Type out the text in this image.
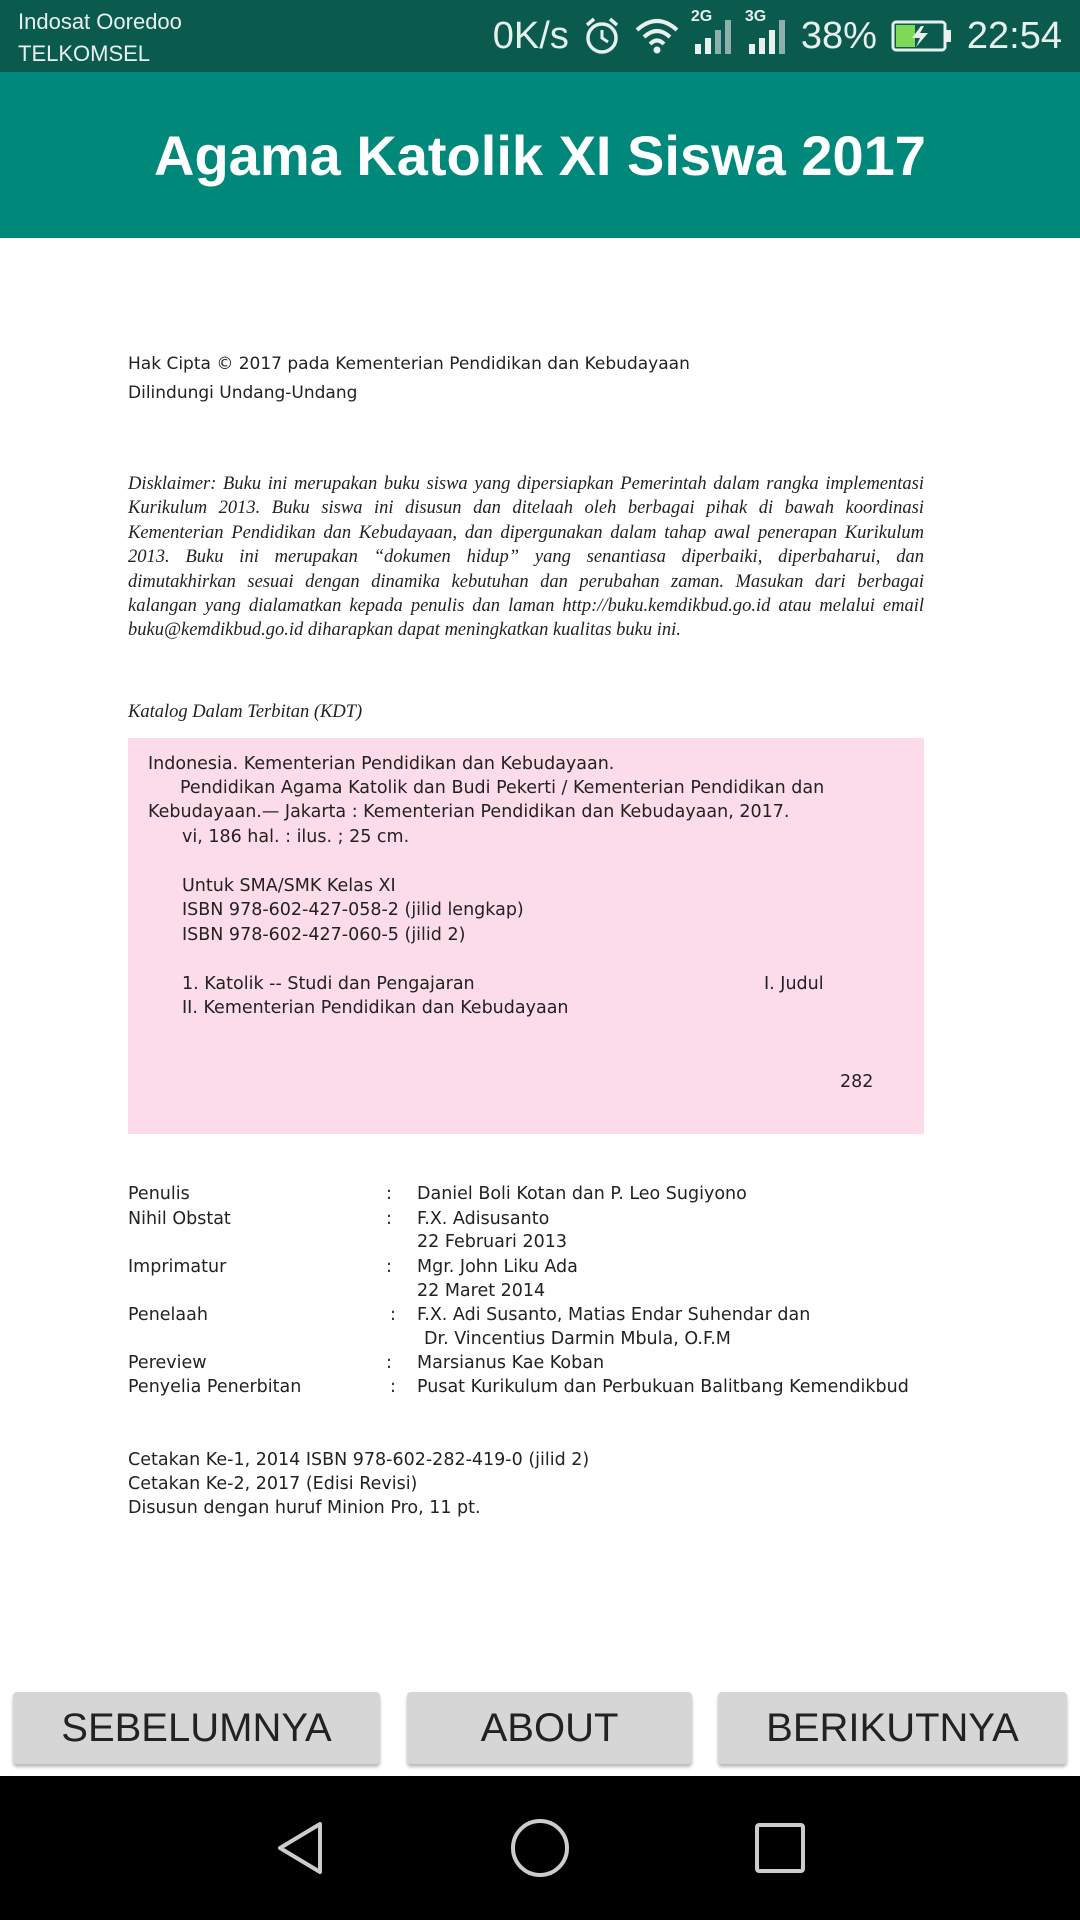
Indosat Ooredoo
TELKOMSEL	0K/s	2G 3G 38% 22:54
Agama Katolik XI Siswa 2017
Hak Cipta © 2017 pada Kementerian Pendidikan dan Kebudayaan
Dilindungi Undang-Undang
Disklaimer: Buku ini merupakan buku siswa yang dipersiapkan Pemerintah dalam rangka implementasi Kurikulum 2013. Buku siswa ini disusun dan ditelaah oleh berbagai pihak di bawah koordinasi Kementerian Pendidikan dan Kebudayaan, dan dipergunakan dalam tahap awal penerapan Kurikulum 2013. Buku ini merupakan “dokumen hidup” yang senantiasa diperbaiki, diperbaharui, dan dimutakhirkan sesuai dengan dinamika kebutuhan dan perubahan zaman. Masukan dari berbagai kalangan yang dialamatkan kepada penulis dan laman http://buku.kemdikbud.go.id atau melalui email buku@kemdikbud.go.id diharapkan dapat meningkatkan kualitas buku ini.
Katalog Dalam Terbitan (KDT)
Indonesia. Kementerian Pendidikan dan Kebudayaan.
Pendidikan Agama Katolik dan Budi Pekerti / Kementerian Pendidikan dan
Kebudayaan.— Jakarta : Kementerian Pendidikan dan Kebudayaan, 2017.
vi, 186 hal. : ilus. ; 25 cm.
Untuk SMA/SMK Kelas XI
ISBN 978-602-427-058-2 (jilid lengkap)
ISBN 978-602-427-060-5 (jilid 2)
1. Katolik -- Studi dan Pengajaran	I. Judul
II. Kementerian Pendidikan dan Kebudayaan
282
Penulis	: Daniel Boli Kotan dan P. Leo Sugiyono
Nihil Obstat	: F.X. Adisusanto
22 Februari 2013
Imprimatur	: Mgr. John Liku Ada
22 Maret 2014
Penelaah	: F.X. Adi Susanto, Matias Endar Suhendar dan
Dr. Vincentius Darmin Mbula, O.F.M
Pereview	: Marsianus Kae Koban
Penyelia Penerbitan	: Pusat Kurikulum dan Perbukuan Balitbang Kemendikbud
Cetakan Ke-1, 2014 ISBN 978-602-282-419-0 (jilid 2)
Cetakan Ke-2, 2017 (Edisi Revisi)
Disusun dengan huruf Minion Pro, 11 pt.
SEBELUMNYA	ABOUT	BERIKUTNYA
